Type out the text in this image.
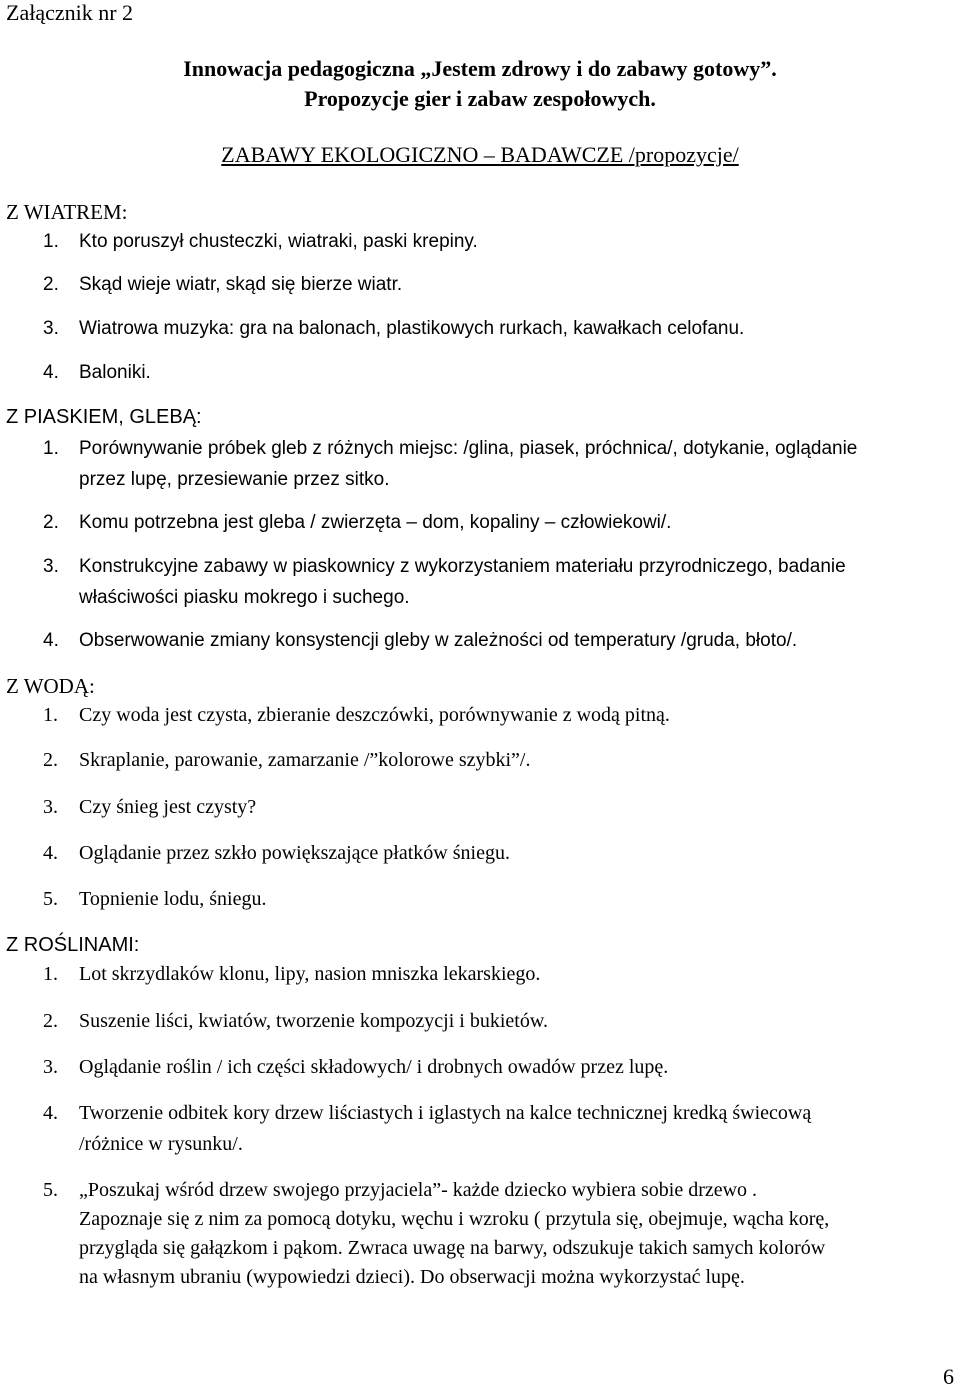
Załącznik nr 2
Innowacja pedagogiczna „Jestem zdrowy i do zabawy gotowy”.
Propozycje gier i zabaw zespołowych.
ZABAWY EKOLOGICZNO – BADAWCZE /propozycje/
Z WIATREM:
1. Kto poruszył chusteczki, wiatraki, paski krepiny.
2. Skąd wieje wiatr, skąd się bierze wiatr.
3. Wiatrowa muzyka: gra na balonach, plastikowych rurkach, kawałkach celofanu.
4. Baloniki.
Z PIASKIEM, GLEBĄ:
1. Porównywanie próbek gleb z różnych miejsc: /glina, piasek, próchnica/, dotykanie, oglądanie
przez lupę, przesiewanie przez sitko.
2. Komu potrzebna jest gleba / zwierzęta – dom, kopaliny – człowiekowi/.
3. Konstrukcyjne zabawy w piaskownicy z wykorzystaniem materiału przyrodniczego, badanie
właściwości piasku mokrego i suchego.
4. Obserwowanie zmiany konsystencji gleby w zależności od temperatury /gruda, błoto/.
Z WODĄ:
1. Czy woda jest czysta, zbieranie deszczówki, porównywanie z wodą pitną.
2. Skraplanie, parowanie, zamarzanie /”kolorowe szybki”/.
3. Czy śnieg jest czysty?
4. Oglądanie przez szkło powiększające płatków śniegu.
5. Topnienie lodu, śniegu.
Z ROŚLINAMI:
1. Lot skrzydlaków klonu, lipy, nasion mniszka lekarskiego.
2. Suszenie liści, kwiatów, tworzenie kompozycji i bukietów.
3. Oglądanie roślin / ich części składowych/ i drobnych owadów przez lupę.
4. Tworzenie odbitek kory drzew liściastych i iglastych na kalce technicznej kredką świecową
/różnice w rysunku/.
5. „Poszukaj wśród drzew swojego przyjaciela”- każde dziecko wybiera sobie drzewo .
Zapoznaje się z nim za pomocą dotyku, węchu i wzroku ( przytula się, obejmuje, wącha korę,
przygląda się gałązkom i pąkom. Zwraca uwagę na barwy, odszukuje takich samych kolorów
na własnym ubraniu (wypowiedzi dzieci). Do obserwacji można wykorzystać lupę.
6
